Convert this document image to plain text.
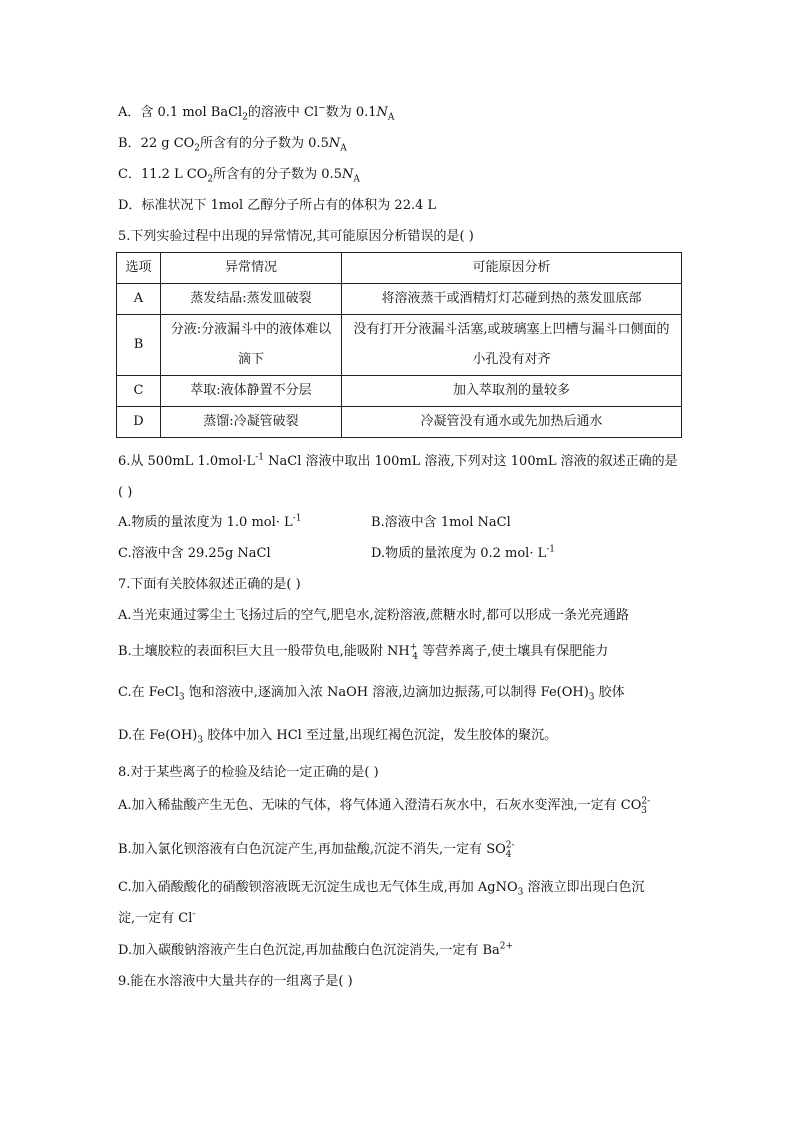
A．含 0.1 mol BaCl$_2$的溶液中 Cl−数为 $0.1N_A$
B．22 g $CO_2$所含有的分子数为 $0.5N_A$
C．11.2 L $CO_2$所含有的分子数为 $0.5N_A$
D．标准状况下 1mol 乙醇分子所占有的体积为 22.4 L
5.下列实验过程中出现的异常情况,其可能原因分析错误的是( )
选项	异常情况	可能原因分析
A	蒸发结晶:蒸发皿破裂	将溶液蒸干或酒精灯灯芯碰到热的蒸发皿底部
B	分液:分液漏斗中的液体难以滴下	没有打开分液漏斗活塞,或玻璃塞上凹槽与漏斗口侧面的小孔没有对齐
C	萃取:液体静置不分层	加入萃取剂的量较多
D	蒸馏:冷凝管破裂	冷凝管没有通水或先加热后通水
6.从 500mL $1.0mol\cdot L^{-1}$ NaCl 溶液中取出 100mL 溶液,下列对这 100mL 溶液的叙述正确的是
( )
A.物质的量浓度为 1.0 $mol\cdot L^{-1}$	B.溶液中含 1mol NaCl
C.溶液中含 29.25g NaCl	D.物质的量浓度为 0.2 $mol\cdot L^{-1}$
7.下面有关胶体叙述正确的是( )
A.当光束通过雾尘土飞扬过后的空气,肥皂水,淀粉溶液,蔗糖水时,都可以形成一条光亮通路
B.土壤胶粒的表面积巨大且一般带负电,能吸附 $NH^+_4$ 等营养离子,使土壤具有保肥能力
C.在 FeCl$_3$ 饱和溶液中,逐滴加入浓 NaOH 溶液,边滴加边振荡,可以制得 $Fe(OH)_3$ 胶体
D.在 $Fe(OH)_3$ 胶体中加入 HCl 至过量,出现红褐色沉淀，发生胶体的聚沉。
8.对于某些离子的检验及结论一定正确的是( )
A.加入稀盐酸产生无色、无味的气体，将气体通入澄清石灰水中，石灰水变浑浊,一定有 $CO^{2-}_3$
B.加入氯化钡溶液有白色沉淀产生,再加盐酸,沉淀不消失,一定有 $SO^{2-}_4$
C.加入硝酸酸化的硝酸钡溶液既无沉淀生成也无气体生成,再加 AgNO$_3$ 溶液立即出现白色沉
淀,一定有 Cl-
D.加入碳酸钠溶液产生白色沉淀,再加盐酸白色沉淀消失,一定有 $Ba^{2+}$
9.能在水溶液中大量共存的一组离子是( )
